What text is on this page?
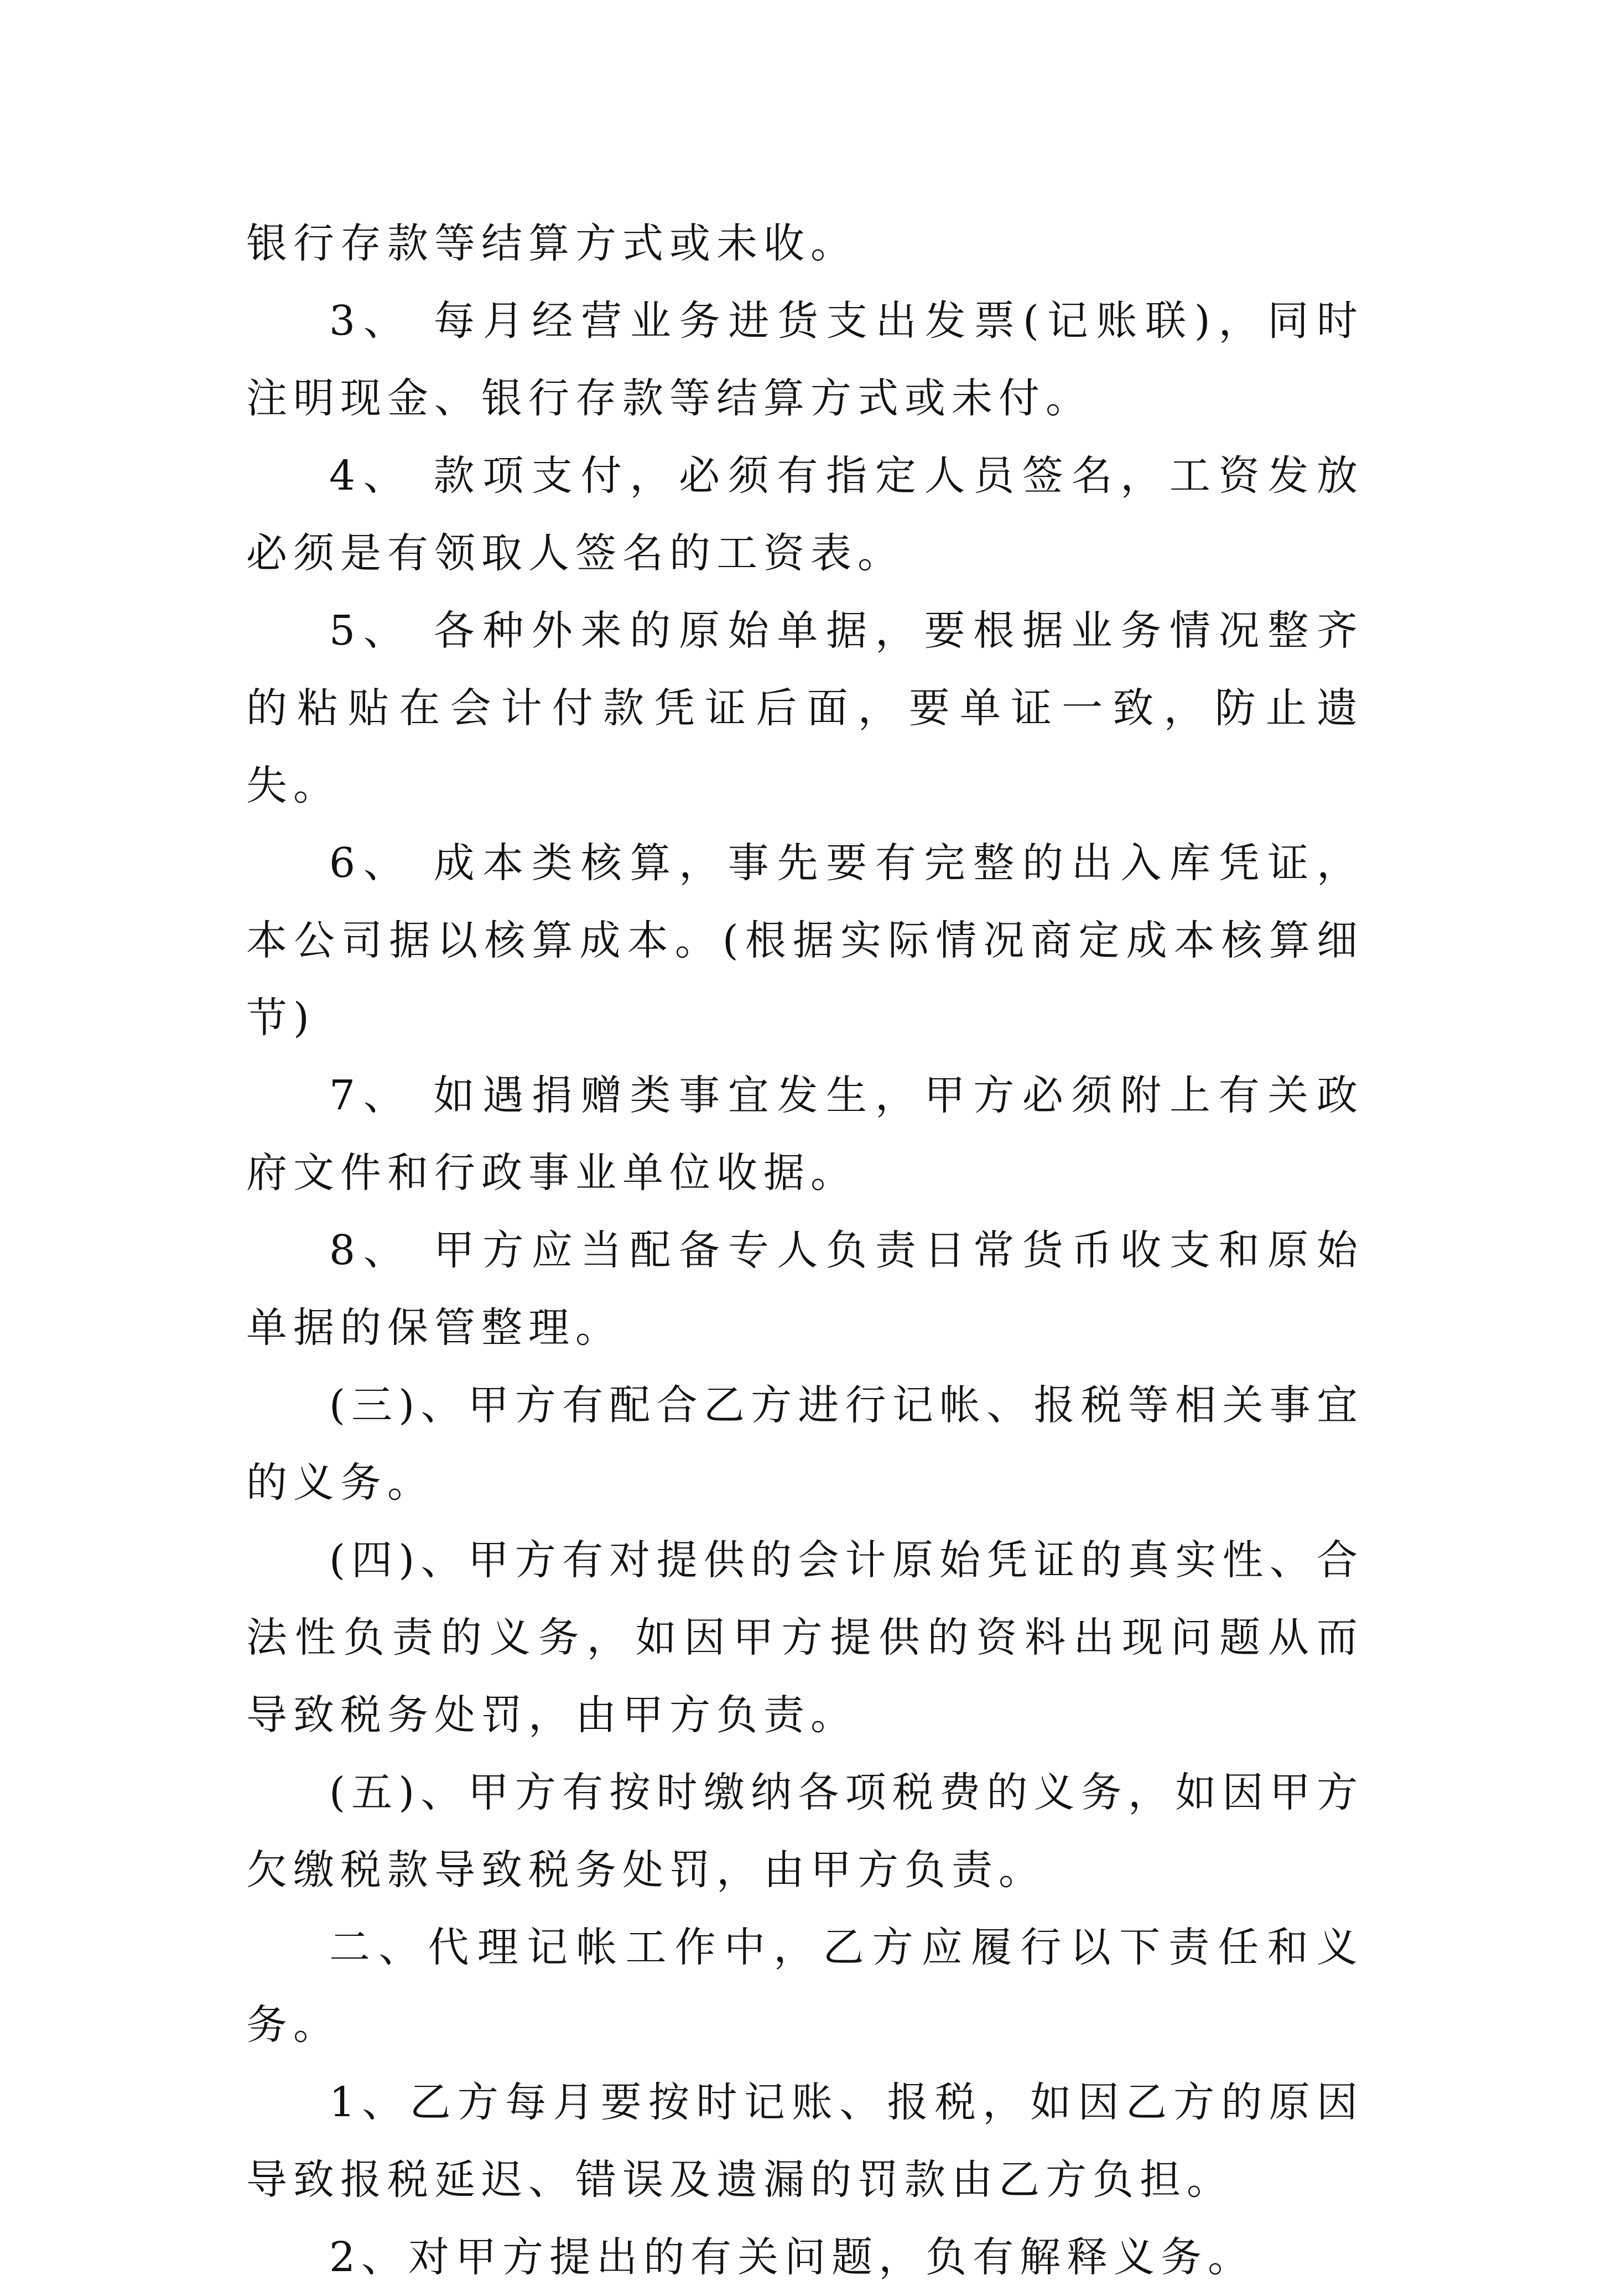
银行存款等结算方式或未收。

3、 每月经营业务进货支出发票(记账联)，同时注明现金、银行存款等结算方式或未付。

4、 款项支付，必须有指定人员签名，工资发放必须是有领取人签名的工资表。

5、 各种外来的原始单据，要根据业务情况整齐的粘贴在会计付款凭证后面，要单证一致，防止遗失。

6、 成本类核算，事先要有完整的出入库凭证，本公司据以核算成本。(根据实际情况商定成本核算细节)

7、 如遇捐赠类事宜发生，甲方必须附上有关政府文件和行政事业单位收据。

8、 甲方应当配备专人负责日常货币收支和原始单据的保管整理。

(三)、甲方有配合乙方进行记帐、报税等相关事宜的义务。

(四)、甲方有对提供的会计原始凭证的真实性、合法性负责的义务，如因甲方提供的资料出现问题从而导致税务处罚，由甲方负责。

(五)、甲方有按时缴纳各项税费的义务，如因甲方欠缴税款导致税务处罚，由甲方负责。

二、代理记帐工作中，乙方应履行以下责任和义务。

1、乙方每月要按时记账、报税，如因乙方的原因导致报税延迟、错误及遗漏的罚款由乙方负担。

2、对甲方提出的有关问题，负有解释义务。
